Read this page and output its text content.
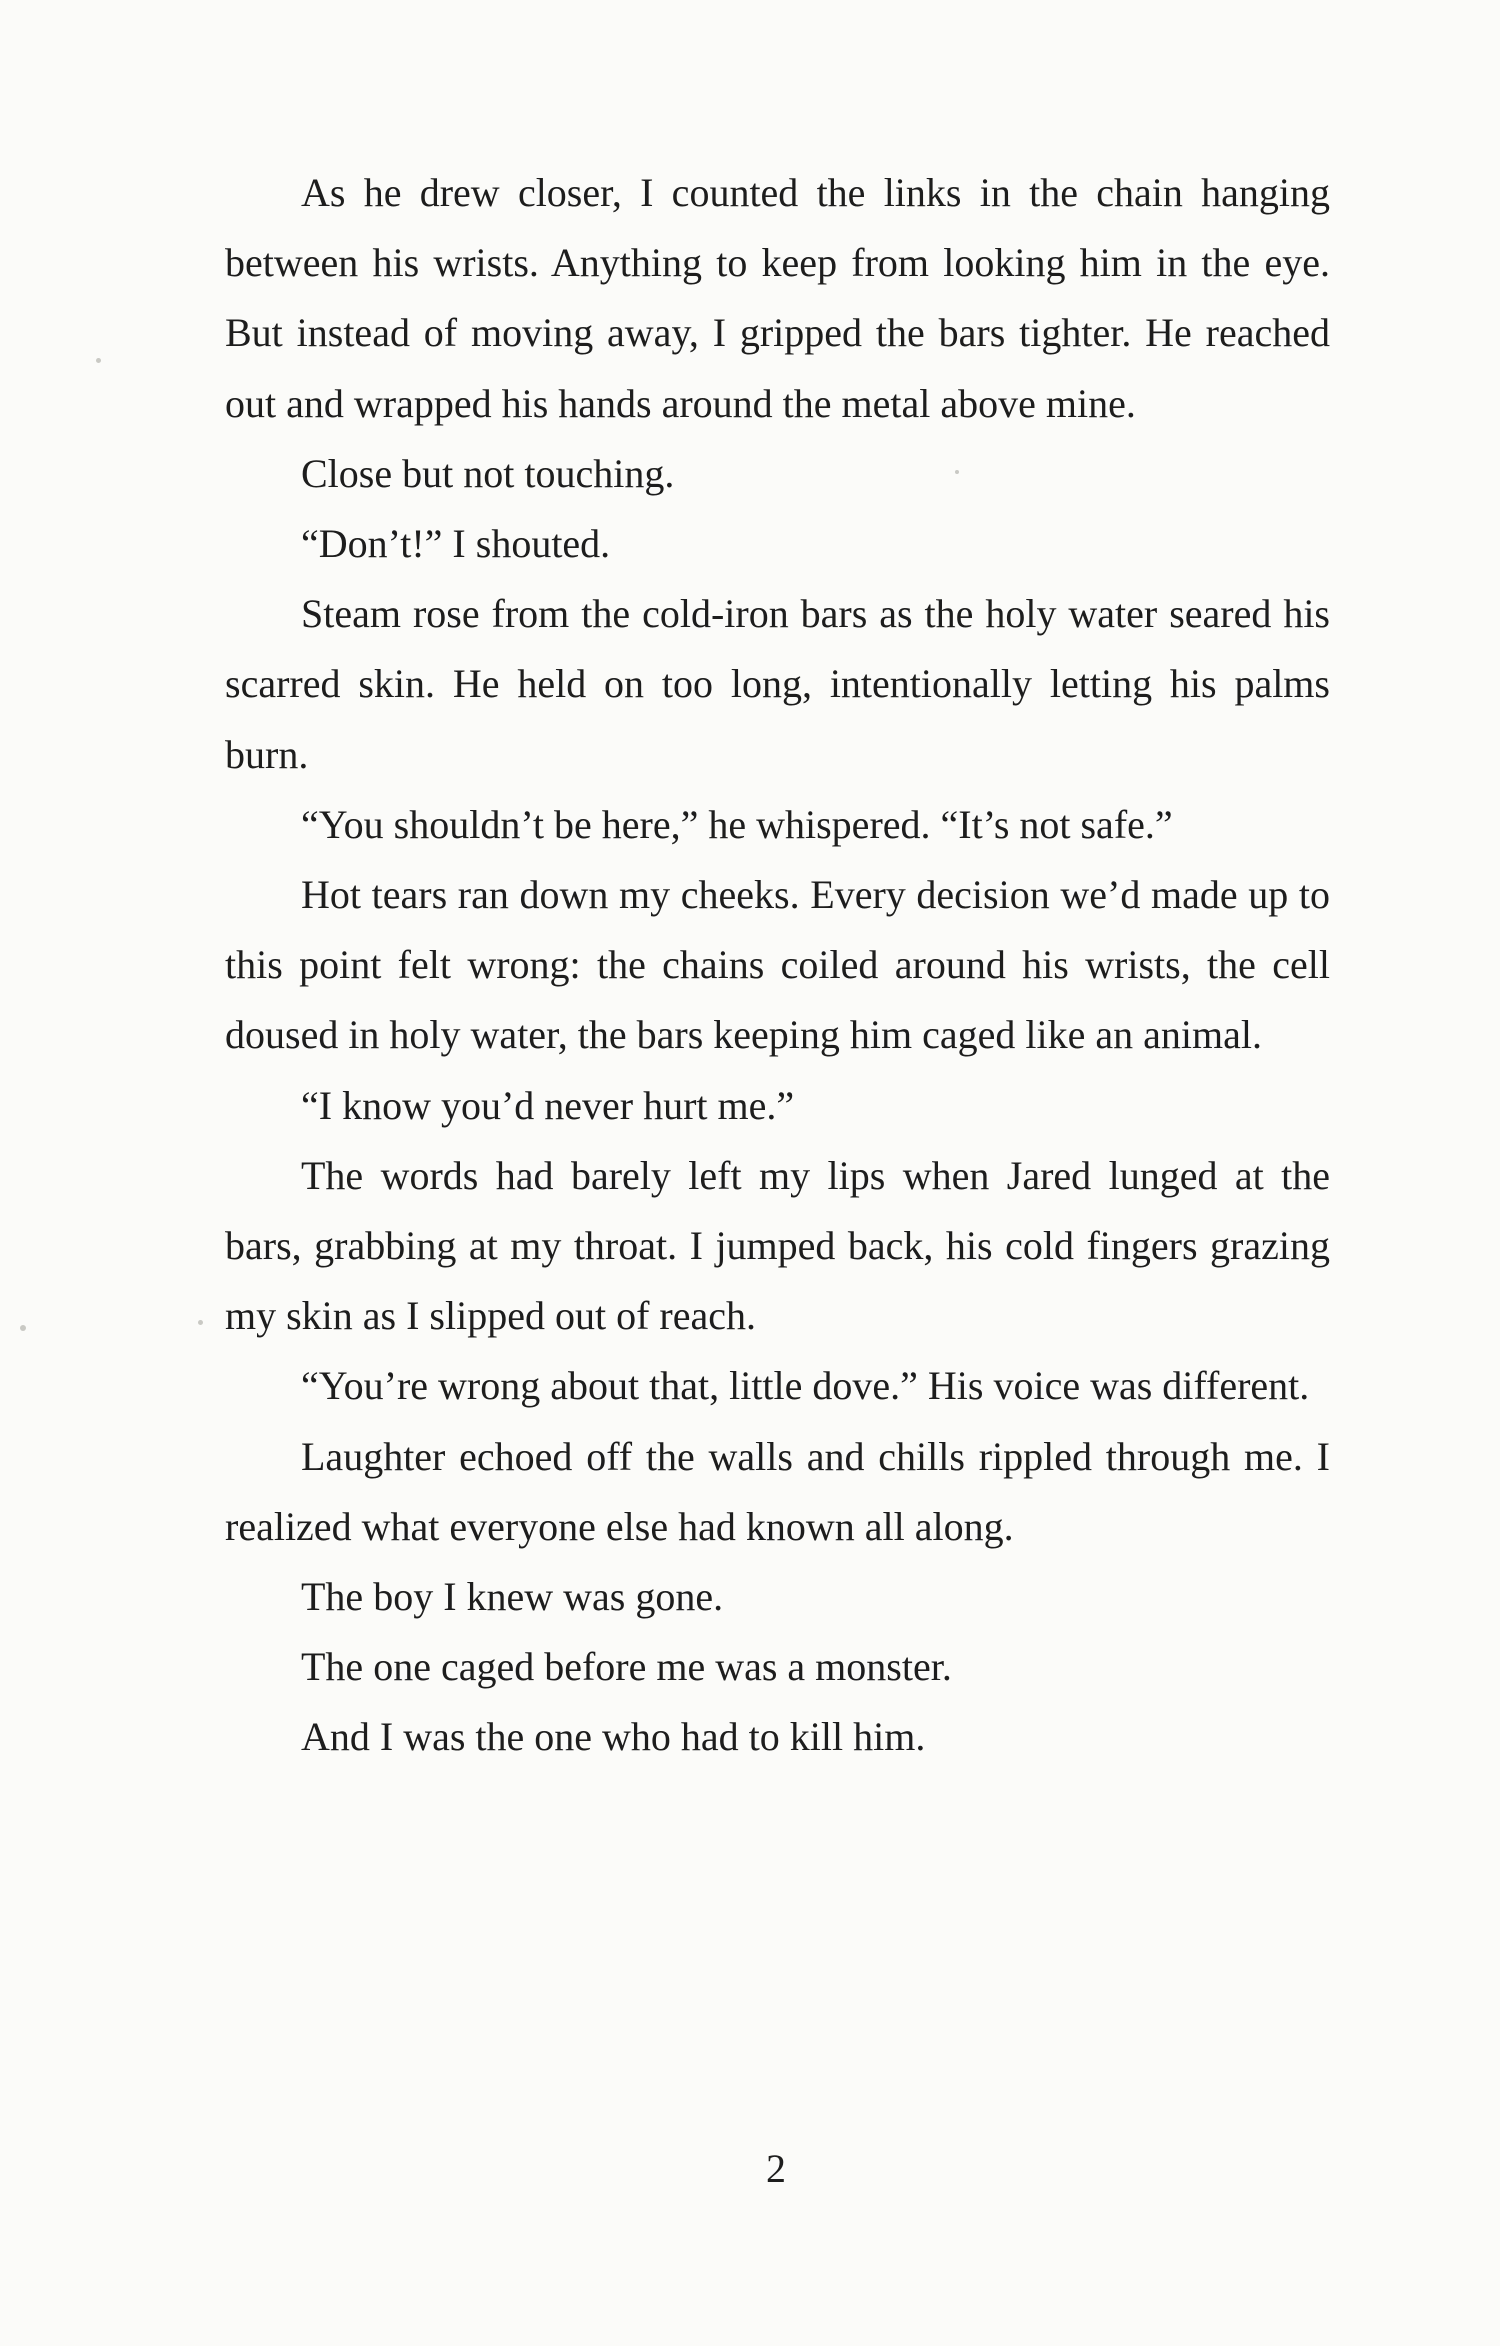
As he drew closer, I counted the links in the chain hanging between his wrists. Anything to keep from looking him in the eye. But instead of moving away, I gripped the bars tighter. He reached out and wrapped his hands around the metal above mine.

Close but not touching.

“Don’t!” I shouted.

Steam rose from the cold-iron bars as the holy water seared his scarred skin. He held on too long, intentionally letting his palms burn.

“You shouldn’t be here,” he whispered. “It’s not safe.”

Hot tears ran down my cheeks. Every decision we’d made up to this point felt wrong: the chains coiled around his wrists, the cell doused in holy water, the bars keeping him caged like an animal.

“I know you’d never hurt me.”

The words had barely left my lips when Jared lunged at the bars, grabbing at my throat. I jumped back, his cold fingers grazing my skin as I slipped out of reach.

“You’re wrong about that, little dove.” His voice was different.

Laughter echoed off the walls and chills rippled through me. I realized what everyone else had known all along.

The boy I knew was gone.

The one caged before me was a monster.

And I was the one who had to kill him.

2
